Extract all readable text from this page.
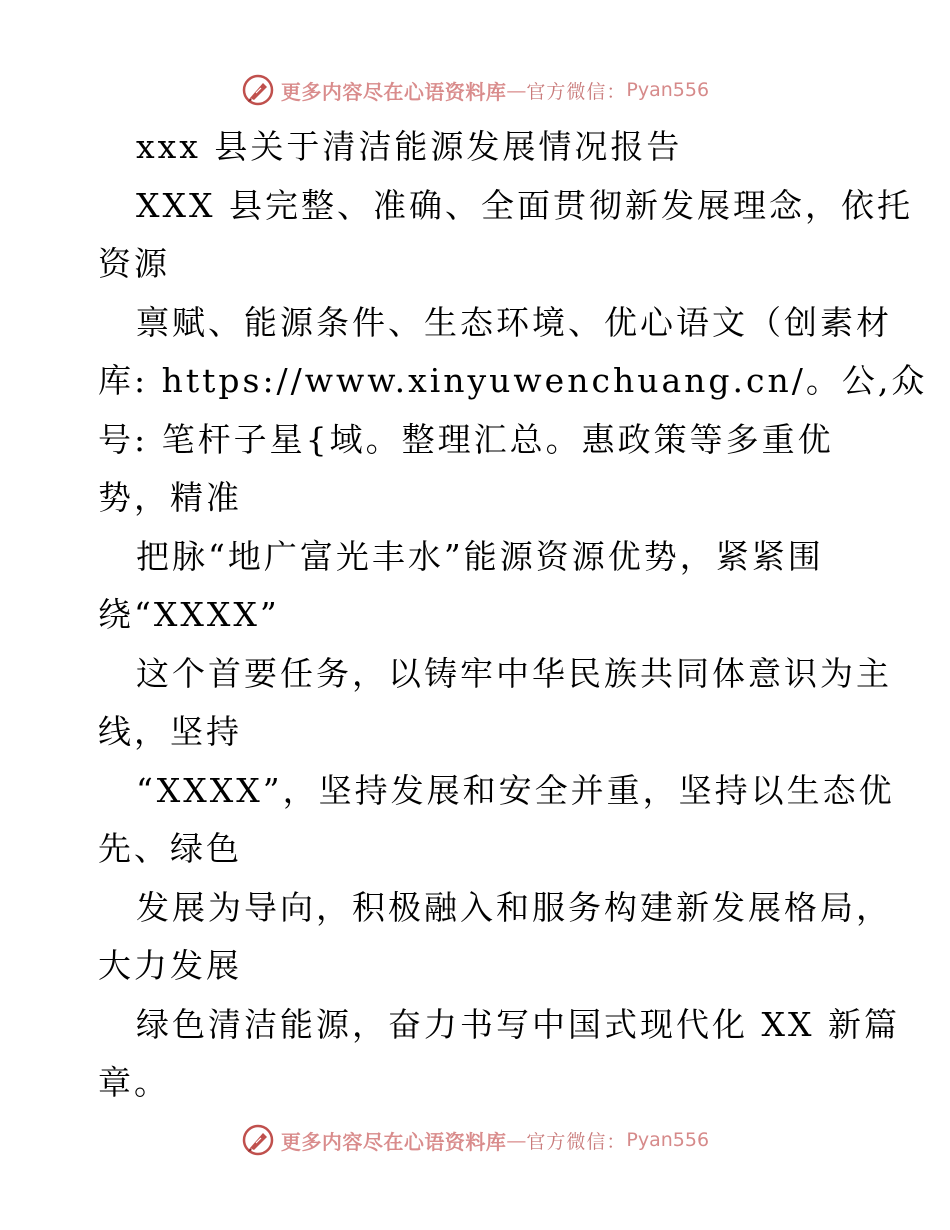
更多内容尽在心语资料库 — 官方微信： Pyan556
xxx 县关于清洁能源发展情况报告
XXX 县完整、准确、全面贯彻新发展理念，依托
资源
禀赋、能源条件、生态环境、优心语文（创素材
库: https://www.xinyuwenchuang.cn/。公,众
号: 笔杆子星{域。整理汇总。惠政策等多重优
势，精准
把脉“地广富光丰水”能源资源优势，紧紧围
绕“XXXX”
这个首要任务，以铸牢中华民族共同体意识为主
线，坚持
“XXXX”，坚持发展和安全并重，坚持以生态优
先、绿色
发展为导向，积极融入和服务构建新发展格局，
大力发展
绿色清洁能源，奋力书写中国式现代化 XX 新篇
章。
更多内容尽在心语资料库 — 官方微信： Pyan556
